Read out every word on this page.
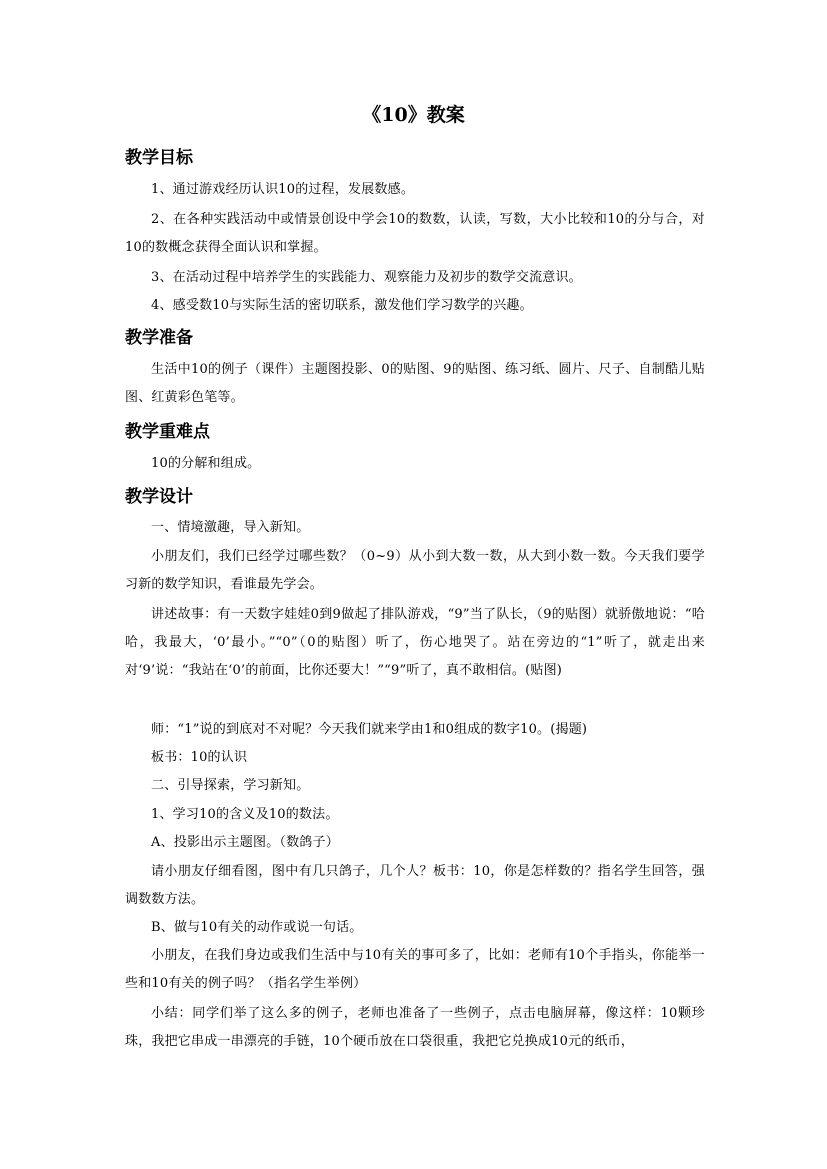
《10》教案
教学目标
1、通过游戏经历认识10的过程，发展数感。
2、在各种实践活动中或情景创设中学会10的数数，认读，写数，大小比较和10的分与合，对10的数概念获得全面认识和掌握。
3、在活动过程中培养学生的实践能力、观察能力及初步的数学交流意识。
4、感受数10与实际生活的密切联系，激发他们学习数学的兴趣。
教学准备
生活中10的例子（课件）主题图投影、0的贴图、9的贴图、练习纸、圆片、尺子、自制酷儿贴图、红黄彩色笔等。
教学重难点
10的分解和组成。
教学设计
一、情境激趣，导入新知。
小朋友们，我们已经学过哪些数？（0~9）从小到大数一数，从大到小数一数。今天我们要学习新的数学知识，看谁最先学会。
讲述故事：有一天数字娃娃0到9做起了排队游戏，“9”当了队长，（9的贴图）就骄傲地说：“哈哈，我最大，‘0’最小。”“0”（0的贴图）听了，伤心地哭了。站在旁边的“1”听了，就走出来对‘9’说：“我站在‘0’的前面，比你还要大！”“9”听了，真不敢相信。(贴图)
师：“1”说的到底对不对呢？今天我们就来学由1和0组成的数字10。(揭题)
板书：10的认识
二、引导探索，学习新知。
1、学习10的含义及10的数法。
A、投影出示主题图。（数鸽子）
请小朋友仔细看图，图中有几只鸽子，几个人？板书：10，你是怎样数的？指名学生回答，强调数数方法。
B、做与10有关的动作或说一句话。
小朋友，在我们身边或我们生活中与10有关的事可多了，比如：老师有10个手指头，你能举一些和10有关的例子吗？（指名学生举例）
小结：同学们举了这么多的例子，老师也准备了一些例子，点击电脑屏幕，像这样：10颗珍珠，我把它串成一串漂亮的手链，10个硬币放在口袋很重，我把它兑换成10元的纸币，
